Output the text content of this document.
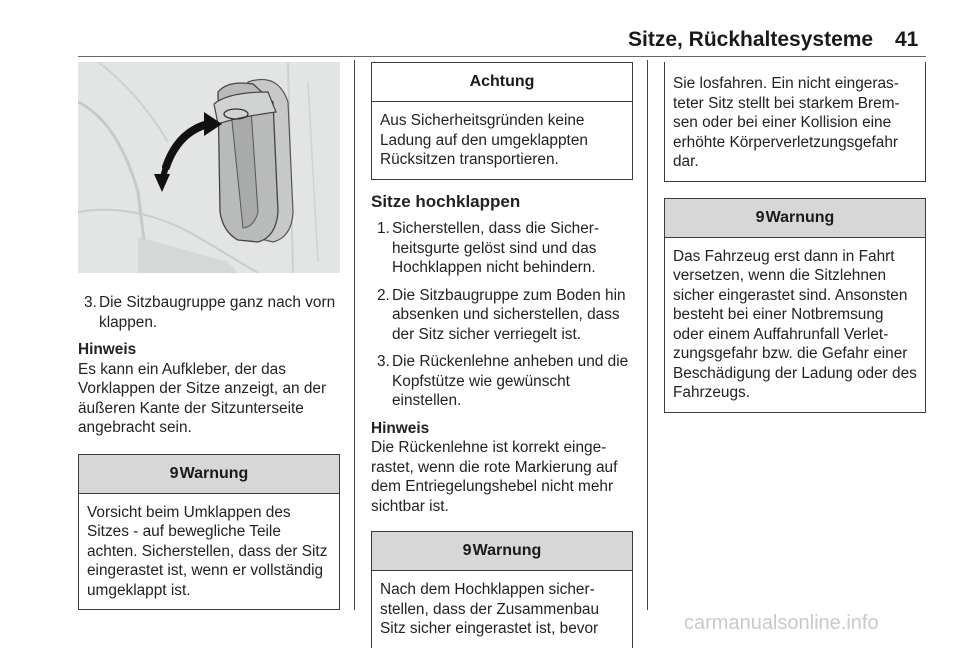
Sitze, Rückhaltesysteme 41
3. Die Sitzbaugruppe ganz nach vorn klappen.

Hinweis

Es kann ein Aufkleber, der das Vorklappen der Sitze anzeigt, an der äußeren Kante der Sitzunterseite angebracht sein.

9Warnung

Vorsicht beim Umklappen des Sitzes - auf bewegliche Teile achten. Sicherstellen, dass der Sitz eingerastet ist, wenn er vollständig umgeklappt ist.

Achtung

Aus Sicherheitsgründen keine Ladung auf den umgeklappten Rücksitzen transportieren.

Sitze hochklappen

1. Sicherstellen, dass die Sicherheitsgurte gelöst sind und das Hochklappen nicht behindern.

2. Die Sitzbaugruppe zum Boden hin absenken und sicherstellen, dass der Sitz sicher verriegelt ist.

3. Die Rückenlehne anheben und die Kopfstütze wie gewünscht einstellen.

Hinweis

Die Rückenlehne ist korrekt eingerastet, wenn die rote Markierung auf dem Entriegelungshebel nicht mehr sichtbar ist.

9Warnung

Nach dem Hochklappen sicherstellen, dass der Zusammenbau Sitz sicher eingerastet ist, bevor

Sie losfahren. Ein nicht eingerasteter Sitz stellt bei starkem Bremsen oder bei einer Kollision eine erhöhte Körperverletzungsgefahr dar.

9Warnung

Das Fahrzeug erst dann in Fahrt versetzen, wenn die Sitzlehnen sicher eingerastet sind. Ansonsten besteht bei einer Notbremsung oder einem Auffahrunfall Verletzungsgefahr bzw. die Gefahr einer Beschädigung der Ladung oder des Fahrzeugs.

carmanualsonline.info
